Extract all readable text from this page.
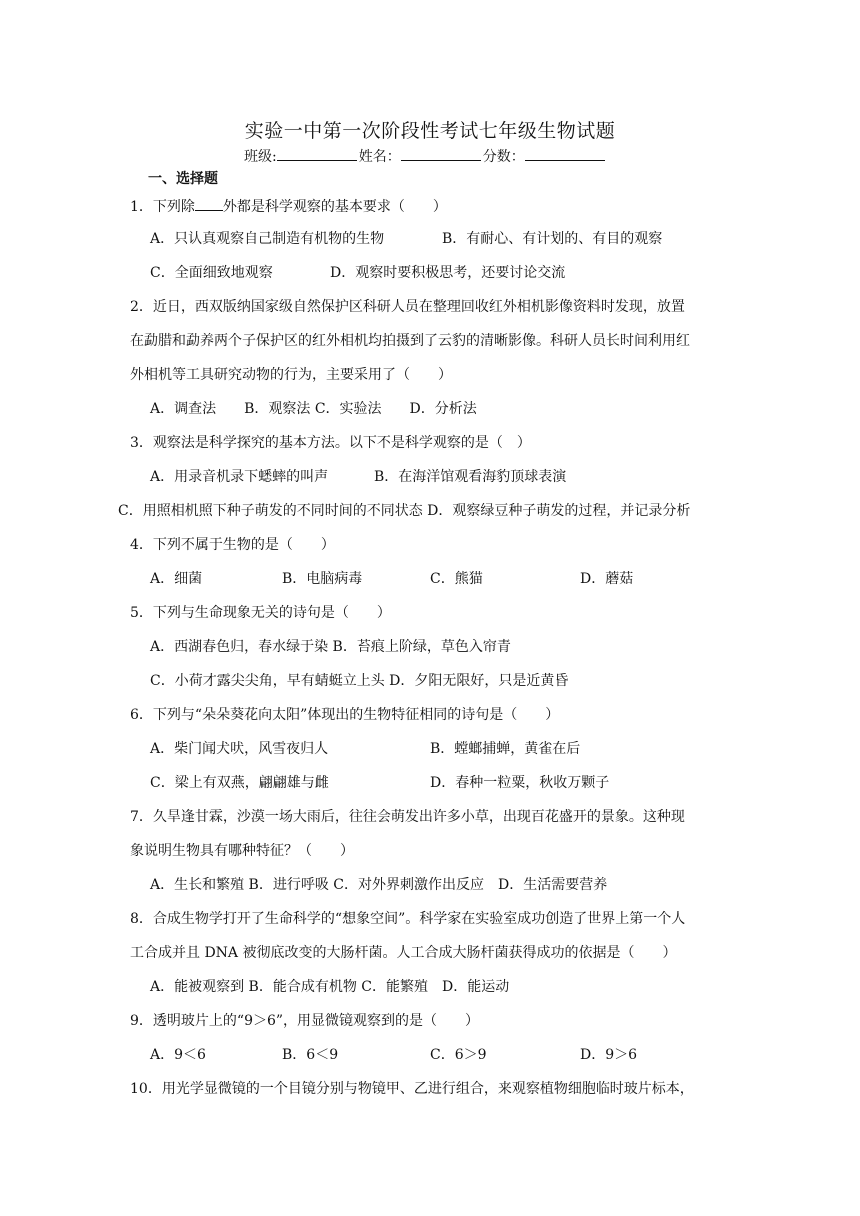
实验一中第一次阶段性考试七年级生物试题
班级:	姓名：	分数：
一、选择题
1．下列除 外都是科学观察的基本要求（　　）
A．只认真观察自己制造有机物的生物	B．有耐心、有计划的、有目的观察
C．全面细致地观察	D．观察时要积极思考，还要讨论交流
2．近日，西双版纳国家级自然保护区科研人员在整理回收红外相机影像资料时发现，放置
在勐腊和勐养两个子保护区的红外相机均拍摄到了云豹的清晰影像。科研人员长时间利用红
外相机等工具研究动物的行为，主要采用了（　　）
A．调查法　　B．观察法 C．实验法　　D．分析法
3．观察法是科学探究的基本方法。以下不是科学观察的是（　）
A．用录音机录下蟋蟀的叫声	B．在海洋馆观看海豹顶球表演
C．用照相机照下种子萌发的不同时间的不同状态 D．观察绿豆种子萌发的过程，并记录分析
4．下列不属于生物的是（　　）
A．细菌	B．电脑病毒	C．熊猫	D．蘑菇
5．下列与生命现象无关的诗句是（　　）
A．西湖春色归，春水绿于染 B．苔痕上阶绿，草色入帘青
C．小荷才露尖尖角，早有蜻蜓立上头 D．夕阳无限好，只是近黄昏
6．下列与“朵朵葵花向太阳”体现出的生物特征相同的诗句是（　　）
A．柴门闻犬吠，风雪夜归人	B．螳螂捕蝉，黄雀在后
C．梁上有双燕，翩翩雄与雌	D．春种一粒粟，秋收万颗子
7．久旱逢甘霖，沙漠一场大雨后，往往会萌发出许多小草，出现百花盛开的景象。这种现
象说明生物具有哪种特征？（　　）
A．生长和繁殖 B．进行呼吸 C．对外界刺激作出反应　D．生活需要营养
8．合成生物学打开了生命科学的“想象空间”。科学家在实验室成功创造了世界上第一个人
工合成并且 DNA 被彻底改变的大肠杆菌。人工合成大肠杆菌获得成功的依据是（　　）
A．能被观察到 B．能合成有机物 C．能繁殖　D．能运动
9．透明玻片上的“9＞6”，用显微镜观察到的是（　　）
A．9＜6	B．6＜9	C．6＞9	D．9＞6
10．用光学显微镜的一个目镜分别与物镜甲、乙进行组合，来观察植物细胞临时玻片标本，
